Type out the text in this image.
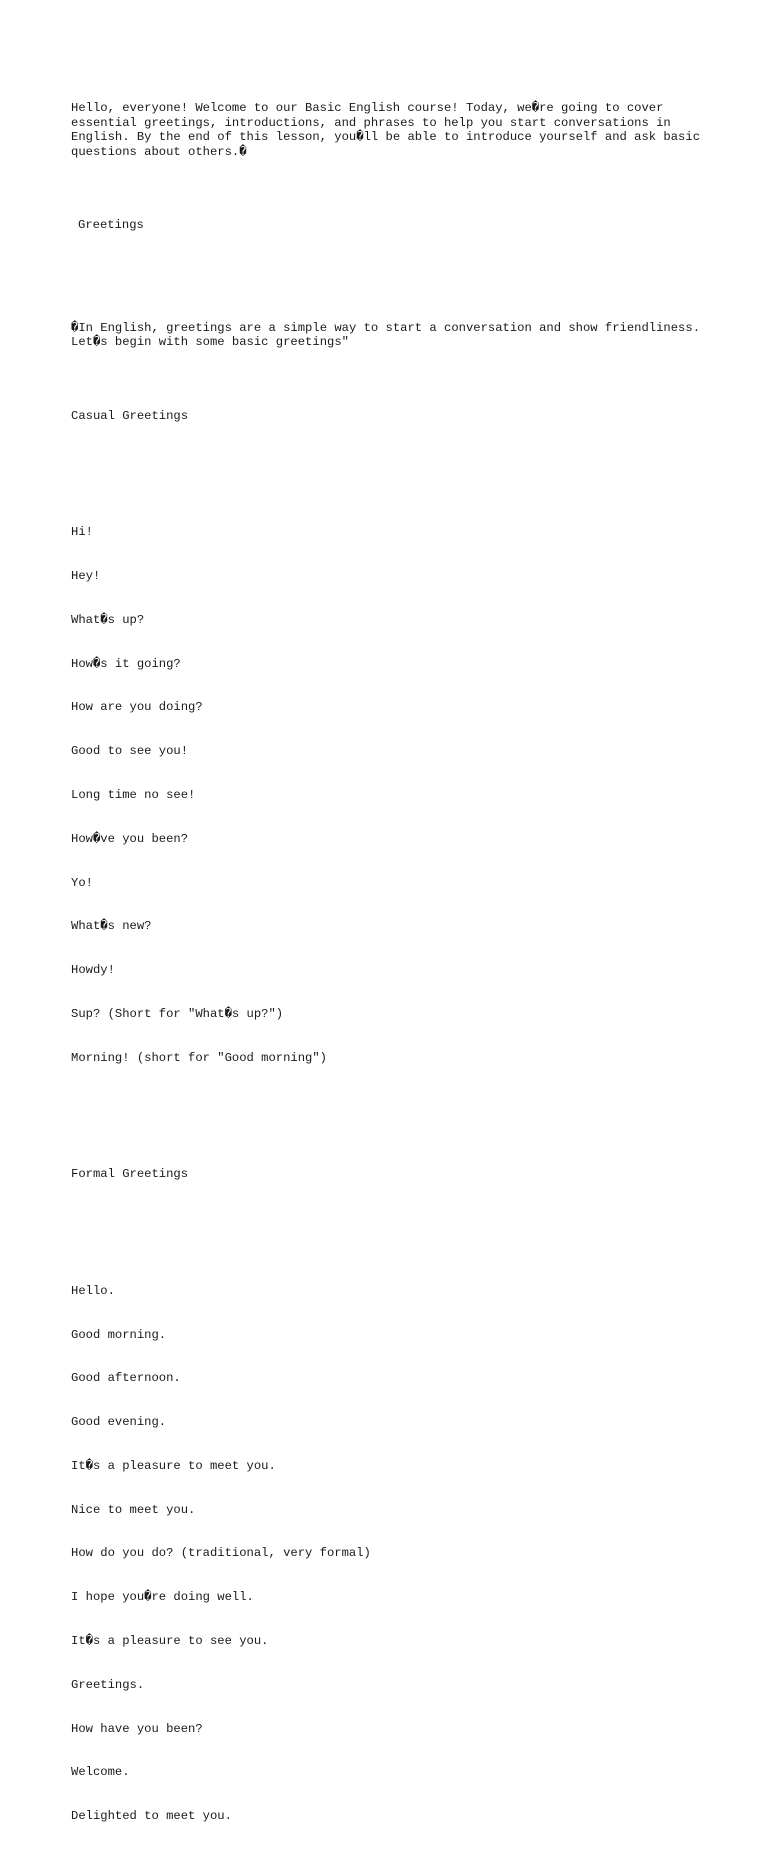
Hello, everyone! Welcome to our Basic English course! Today, we�re going to cover essential greetings, introductions, and phrases to help you start conversations in English. By the end of this lesson, you�ll be able to introduce yourself and ask basic questions about others.�

Greetings

�In English, greetings are a simple way to start a conversation and show friendliness. Let�s begin with some basic greetings"

Casual Greetings

Hi!

Hey!

What�s up?

How�s it going?

How are you doing?

Good to see you!

Long time no see!

How�ve you been?

Yo!

What�s new?

Howdy!

Sup? (Short for "What�s up?")

Morning! (short for "Good morning")

Formal Greetings

Hello.

Good morning.

Good afternoon.

Good evening.

It�s a pleasure to meet you.

Nice to meet you.

How do you do? (traditional, very formal)

I hope you�re doing well.

It�s a pleasure to see you.

Greetings.

How have you been?

Welcome.

Delighted to meet you.
